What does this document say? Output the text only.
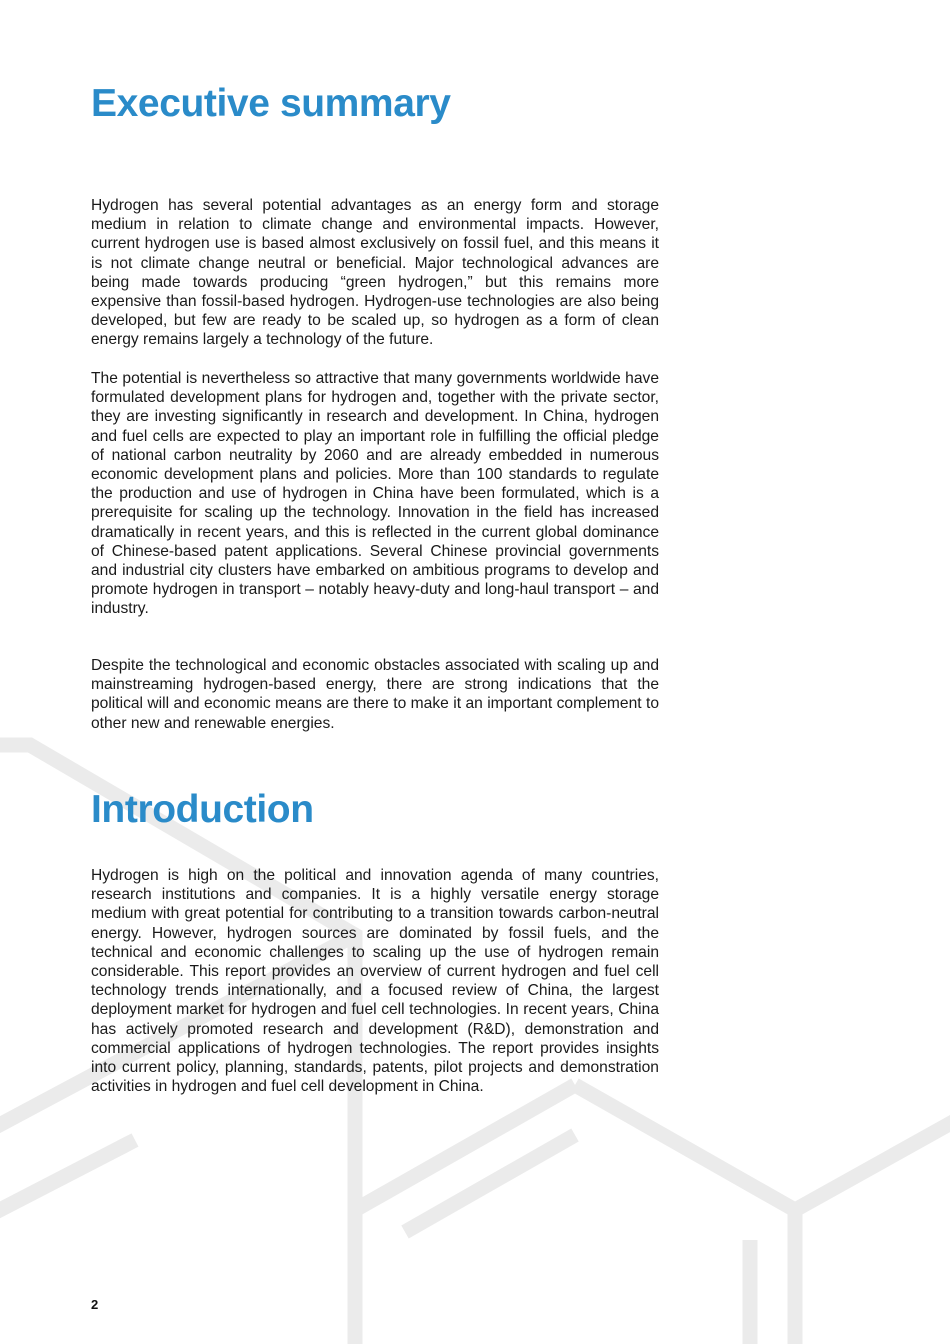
Executive summary

Hydrogen has several potential advantages as an energy form and storage medium in relation to climate change and environmental impacts. However, current hydrogen use is based almost exclusively on fossil fuel, and this means it is not climate change neutral or beneficial. Major technological advances are being made towards producing “green hydrogen,” but this remains more expensive than fossil-based hydrogen. Hydrogen-use technologies are also being developed, but few are ready to be scaled up, so hydrogen as a form of clean energy remains largely a technology of the future.

The potential is nevertheless so attractive that many governments worldwide have formulated development plans for hydrogen and, together with the private sector, they are investing significantly in research and development. In China, hydrogen and fuel cells are expected to play an important role in fulfilling the official pledge of national carbon neutrality by 2060 and are already embedded in numerous economic development plans and policies. More than 100 standards to regulate the production and use of hydrogen in China have been formulated, which is a prerequisite for scaling up the technology. Innovation in the field has increased dramatically in recent years, and this is reflected in the current global dominance of Chinese-based patent applications. Several Chinese provincial governments and industrial city clusters have embarked on ambitious programs to develop and promote hydrogen in transport – notably heavy-duty and long-haul transport – and industry.

Despite the technological and economic obstacles associated with scaling up and mainstreaming hydrogen-based energy, there are strong indications that the political will and economic means are there to make it an important complement to other new and renewable energies.

Introduction

Hydrogen is high on the political and innovation agenda of many countries, research institutions and companies. It is a highly versatile energy storage medium with great potential for contributing to a transition towards carbon-neutral energy. However, hydrogen sources are dominated by fossil fuels, and the technical and economic challenges to scaling up the use of hydrogen remain considerable. This report provides an overview of current hydrogen and fuel cell technology trends internationally, and a focused review of China, the largest deployment market for hydrogen and fuel cell technologies. In recent years, China has actively promoted research and development (R&D), demonstration and commercial applications of hydrogen technologies. The report provides insights into current policy, planning, standards, patents, pilot projects and demonstration activities in hydrogen and fuel cell development in China.

2
